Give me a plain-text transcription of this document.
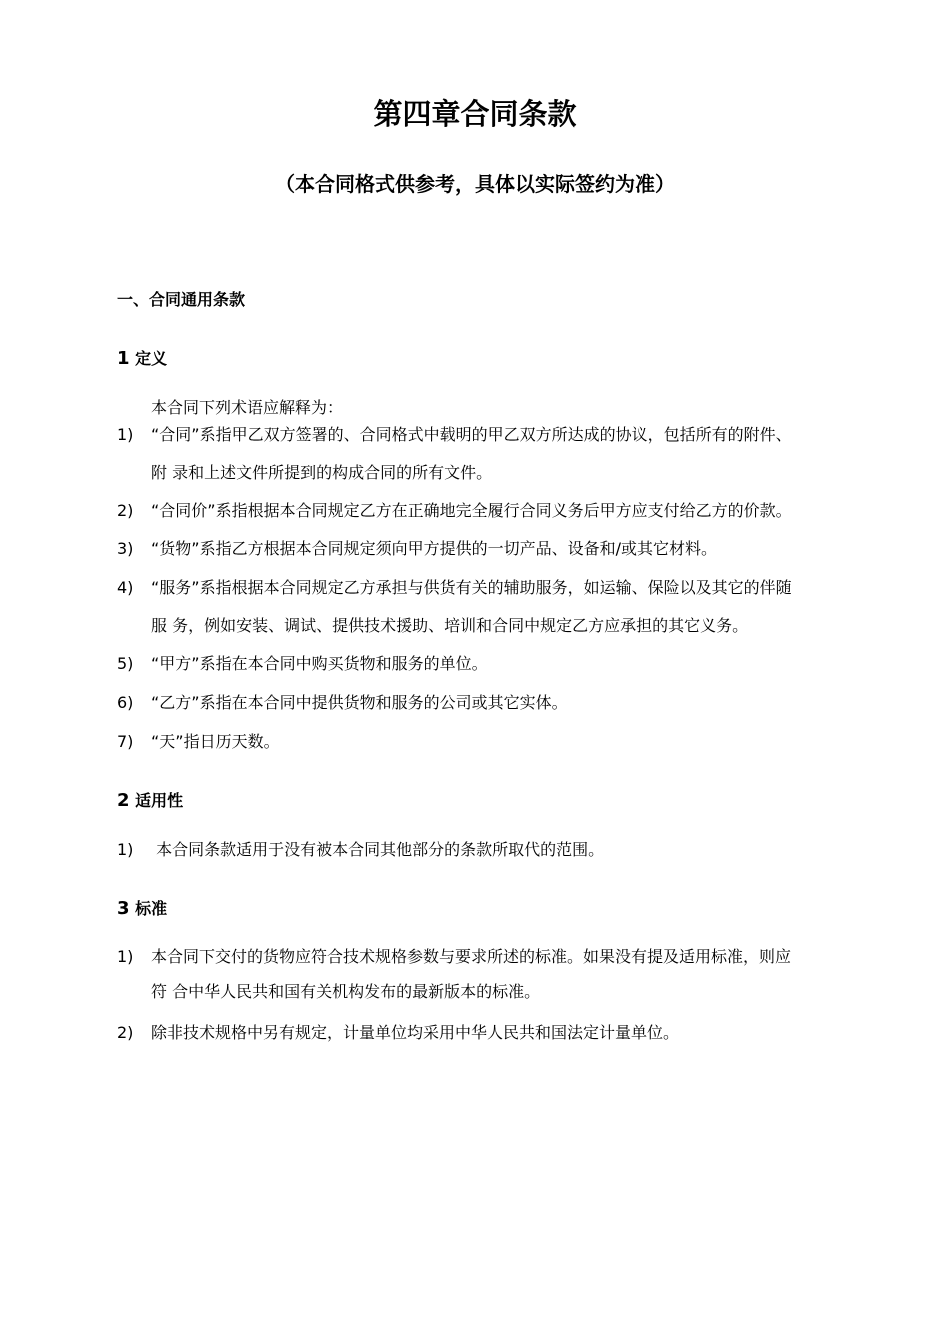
第四章合同条款
（本合同格式供参考，具体以实际签约为准）
一、合同通用条款
1 定义
本合同下列术语应解释为：
1) “合同”系指甲乙双方签署的、合同格式中载明的甲乙双方所达成的协议，包括所有的附件、
附 录和上述文件所提到的构成合同的所有文件。
2) “合同价”系指根据本合同规定乙方在正确地完全履行合同义务后甲方应支付给乙方的价款。
3) “货物”系指乙方根据本合同规定须向甲方提供的一切产品、设备和/或其它材料。
4) “服务”系指根据本合同规定乙方承担与供货有关的辅助服务，如运输、保险以及其它的伴随
服 务，例如安装、调试、提供技术援助、培训和合同中规定乙方应承担的其它义务。
5) “甲方”系指在本合同中购买货物和服务的单位。
6) “乙方”系指在本合同中提供货物和服务的公司或其它实体。
7) “天”指日历天数。
2 适用性
1) 本合同条款适用于没有被本合同其他部分的条款所取代的范围。
3 标准
1) 本合同下交付的货物应符合技术规格参数与要求所述的标准。如果没有提及适用标准，则应
符 合中华人民共和国有关机构发布的最新版本的标准。
2) 除非技术规格中另有规定，计量单位均采用中华人民共和国法定计量单位。
